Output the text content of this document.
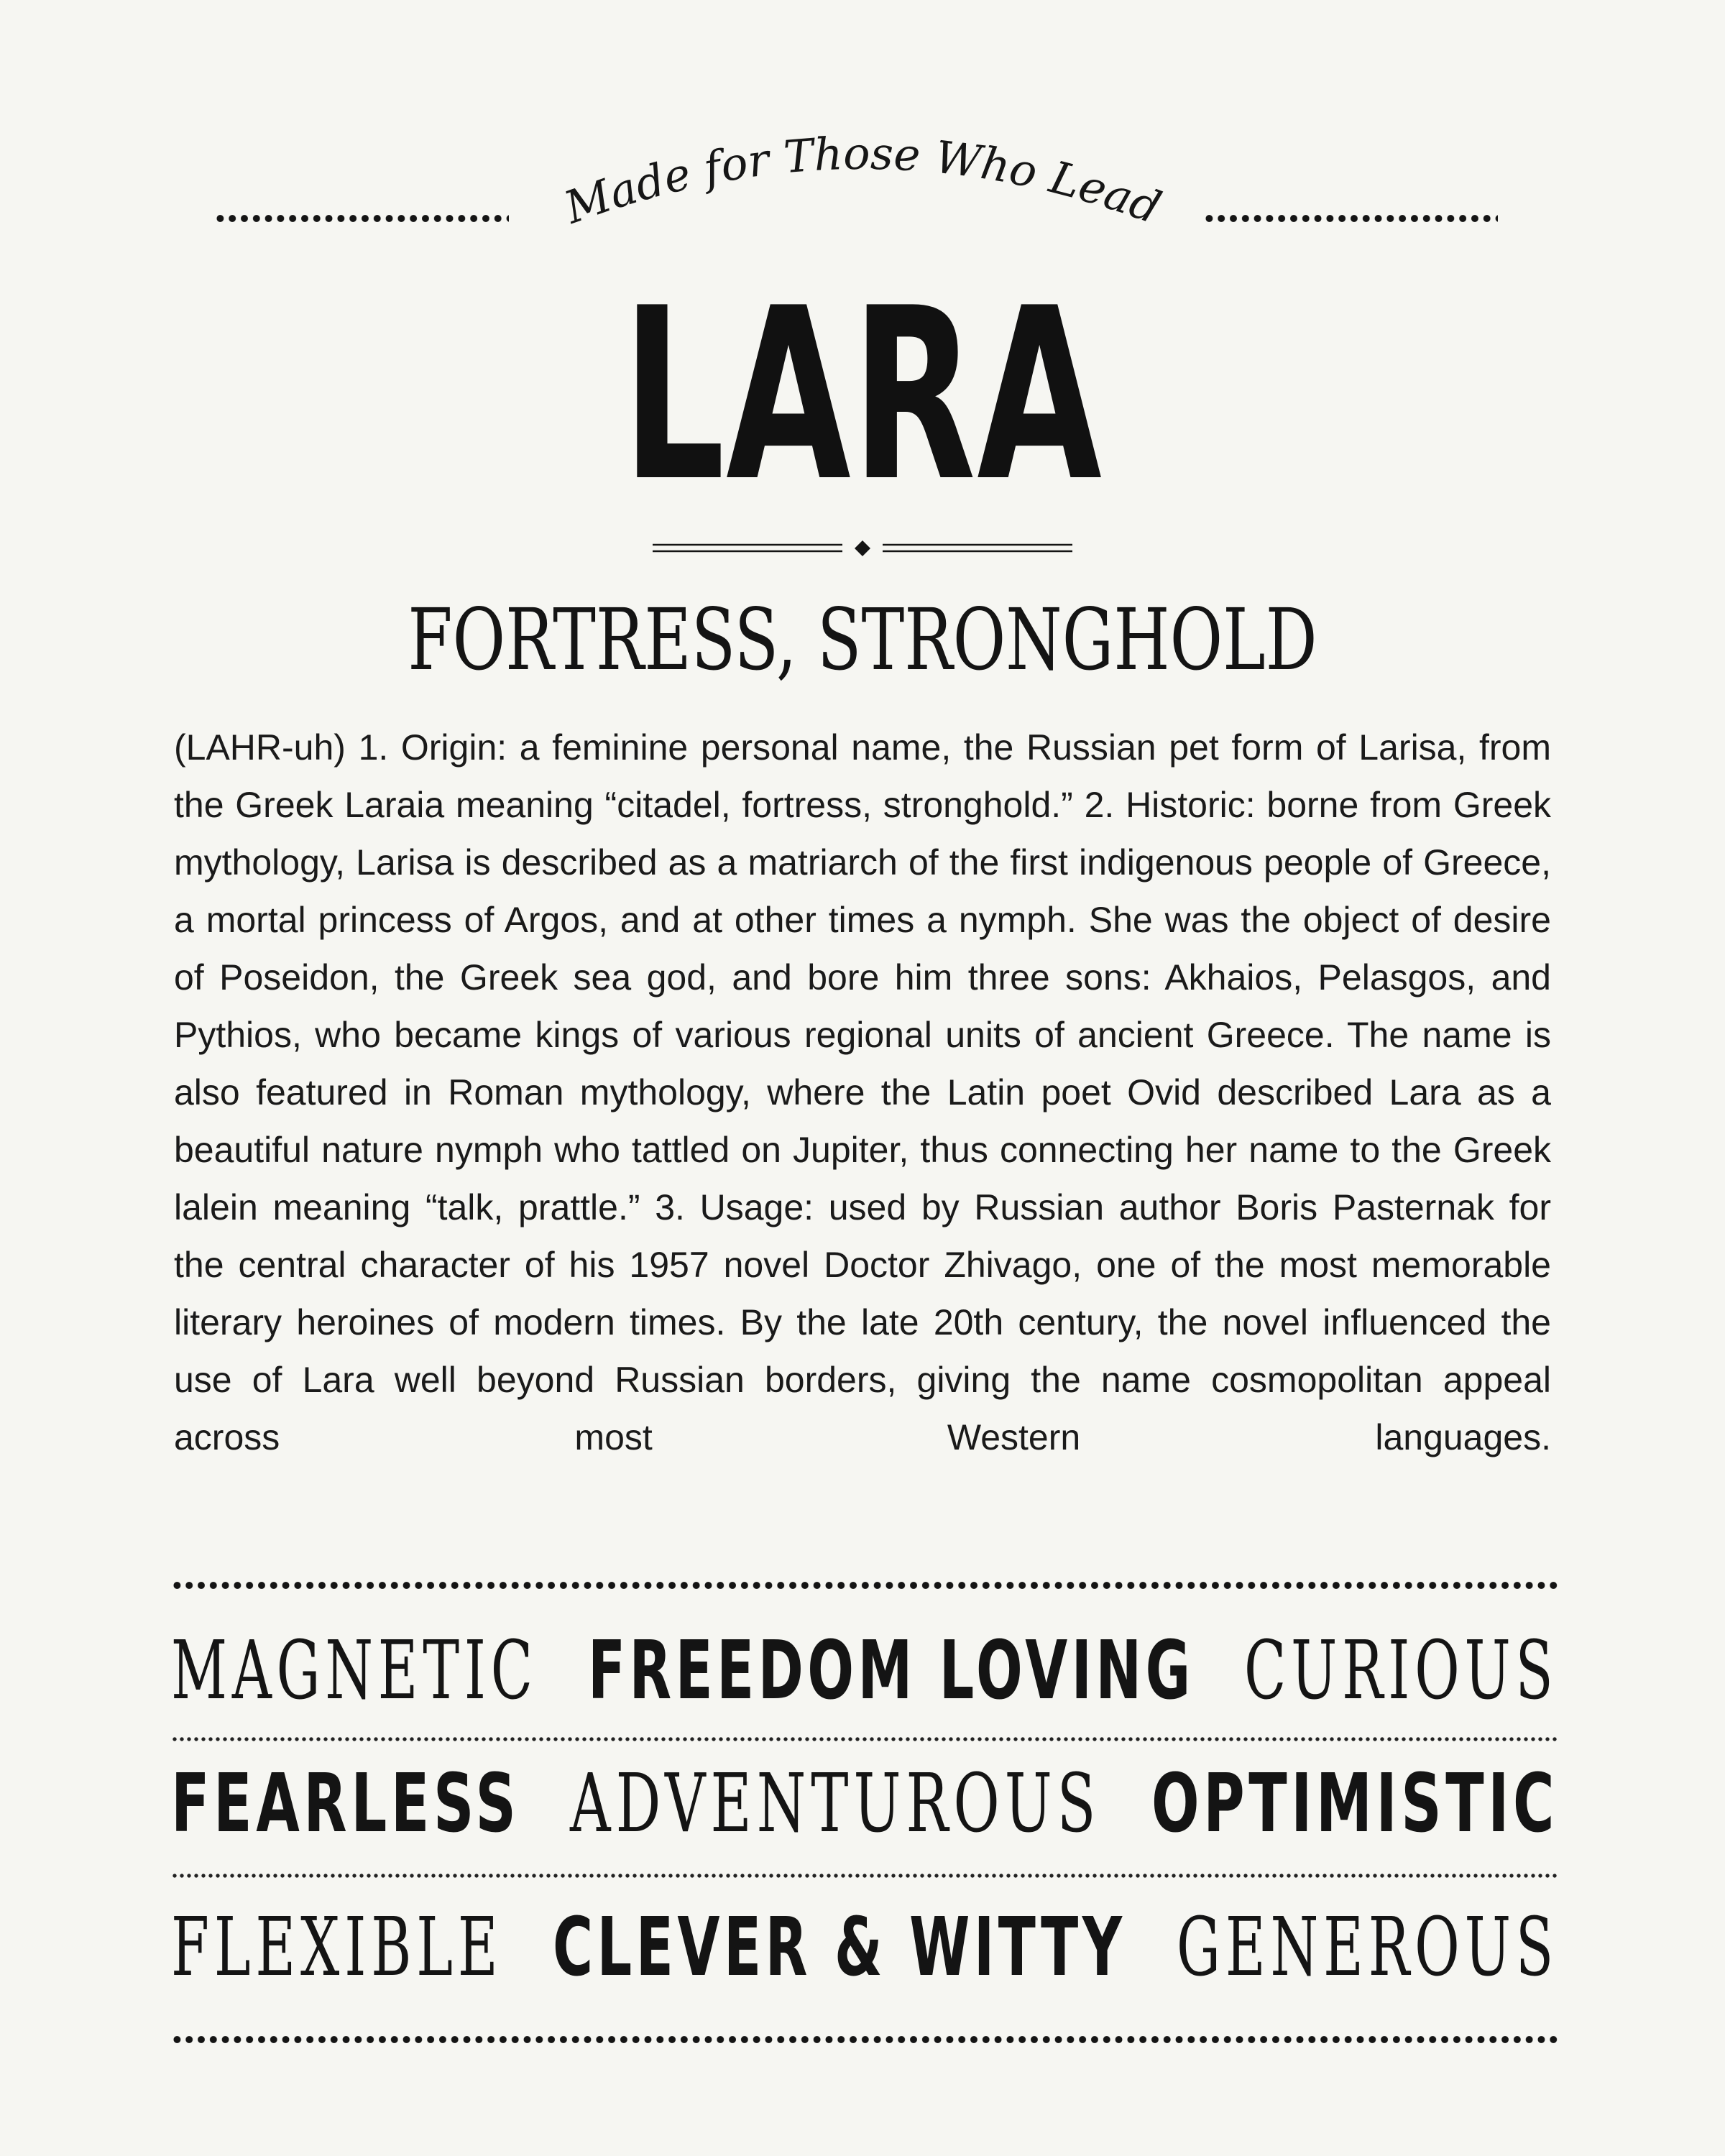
Made for Those Who Lead
LARA
FORTRESS, STRONGHOLD
(LAHR-uh) 1. Origin: a feminine personal name, the Russian pet form of Larisa, from the Greek Laraia meaning “citadel, fortress, stronghold.” 2. Historic: borne from Greek mythology, Larisa is described as a matriarch of the first indigenous people of Greece, a mortal princess of Argos, and at other times a nymph. She was the object of desire of Poseidon, the Greek sea god, and bore him three sons: Akhaios, Pelasgos, and Pythios, who became kings of various regional units of ancient Greece. The name is also featured in Roman mythology, where the Latin poet Ovid described Lara as a beautiful nature nymph who tattled on Jupiter, thus connecting her name to the Greek lalein meaning “talk, prattle.” 3. Usage: used by Russian author Boris Pasternak for the central character of his 1957 novel Doctor Zhivago, one of the most memorable literary heroines of modern times. By the late 20th century, the novel influenced the use of Lara well beyond Russian borders, giving the name cosmopolitan appeal across most Western languages.
MAGNETIC FREEDOM LOVING CURIOUS
FEARLESS ADVENTUROUS OPTIMISTIC
FLEXIBLE CLEVER & WITTY GENEROUS
